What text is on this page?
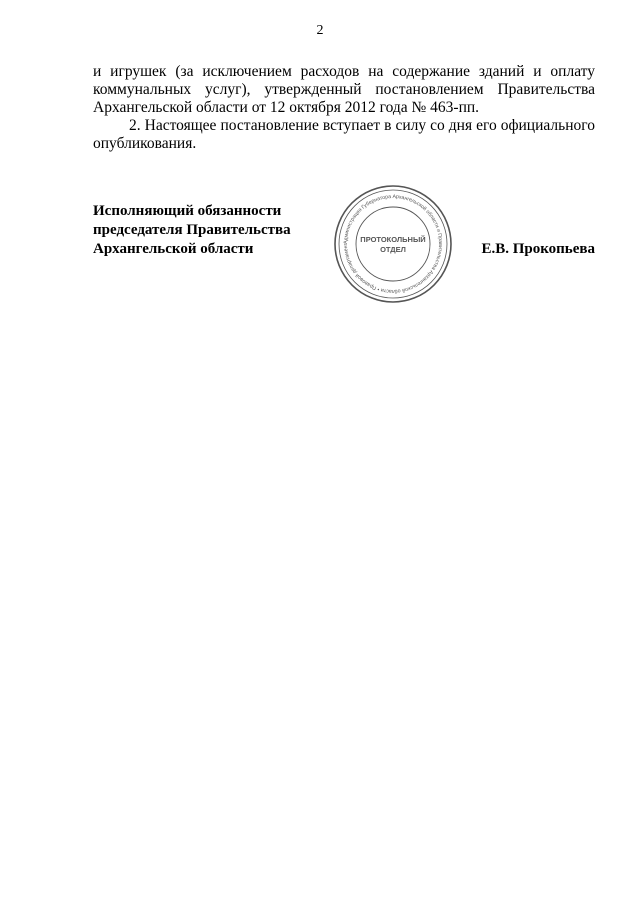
2

и игрушек (за исключением расходов на содержание зданий и оплату коммунальных услуг), утвержденный постановлением Правительства Архангельской области от 12 октября 2012 года № 463-пп.

2. Настоящее постановление вступает в силу со дня его официального опубликования.

Исполняющий обязанности
председателя Правительства
Архангельской области	Администрация Губернатора Архангельской области и Правительства Архангельской области • Правовой департамент
ПРОТОКОЛЬНЫЙ
ОТДЕЛ	Е.В. Прокопьева
